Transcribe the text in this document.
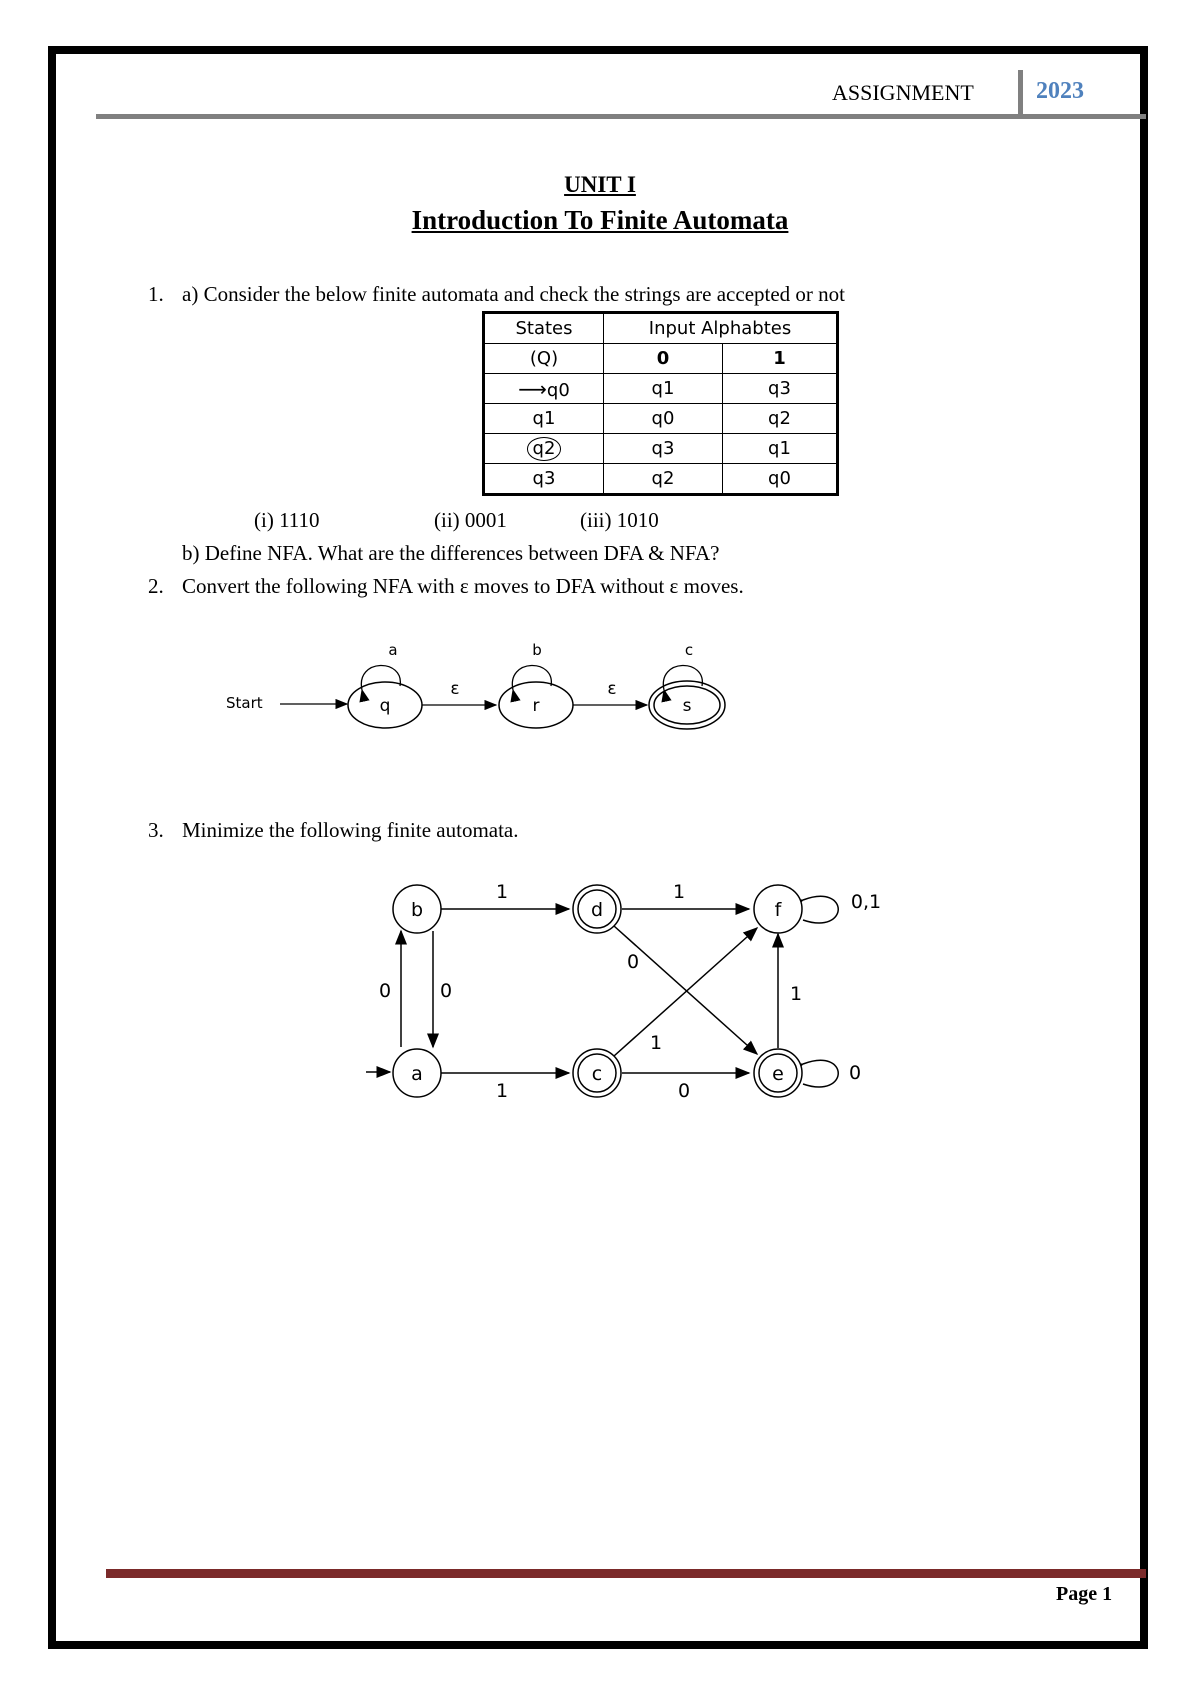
ASSIGNMENT	2023
UNIT I
Introduction To Finite Automata
1. a) Consider the below finite automata and check the strings are accepted or not
States	Input Alphabtes	
(Q)	0	1
⟶q0	q1	q3
q1	q0	q2
q2	q3	q1
q3	q2	q0
(i) 1110	(ii) 0001	(iii) 1010
b) Define NFA. What are the differences between DFA & NFA?
2. Convert the following NFA with ε moves to DFA without ε moves.
Start	q
a
ε
r
b
ε
s
c
b
a
d
c
f
e
0	0
1	1
0
1
1
0
1
0,1
0
3. Minimize the following finite automata.
Page 1
